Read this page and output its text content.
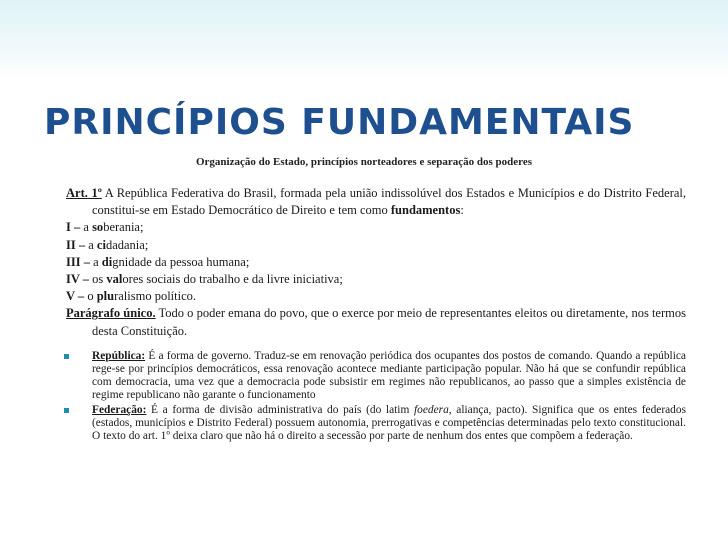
PRINCÍPIOS FUNDAMENTAIS
Organização do Estado, princípios norteadores e separação dos poderes

Art. 1º A República Federativa do Brasil, formada pela união indissolúvel dos Estados e Municípios e do Distrito Federal, constitui-se em Estado Democrático de Direito e tem como fundamentos:

I – a soberania;

II – a cidadania;

III – a dignidade da pessoa humana;

IV – os valores sociais do trabalho e da livre iniciativa;

V – o pluralismo político.

Parágrafo único. Todo o poder emana do povo, que o exerce por meio de representantes eleitos ou diretamente, nos termos desta Constituição.

República: É a forma de governo. Traduz-se em renovação periódica dos ocupantes dos postos de comando. Quando a república rege-se por princípios democráticos, essa renovação acontece mediante participação popular. Não há que se confundir república com democracia, uma vez que a democracia pode subsistir em regimes não republicanos, ao passo que a simples existência de regime republicano não garante o funcionamento
Federação: É a forma de divisão administrativa do país (do latim foedera, aliança, pacto). Significa que os entes federados (estados, municípios e Distrito Federal) possuem autonomia, prerrogativas e competências determinadas pelo texto constitucional. O texto do art. 1º deixa claro que não há o direito a secessão por parte de nenhum dos entes que compõem a federação.
